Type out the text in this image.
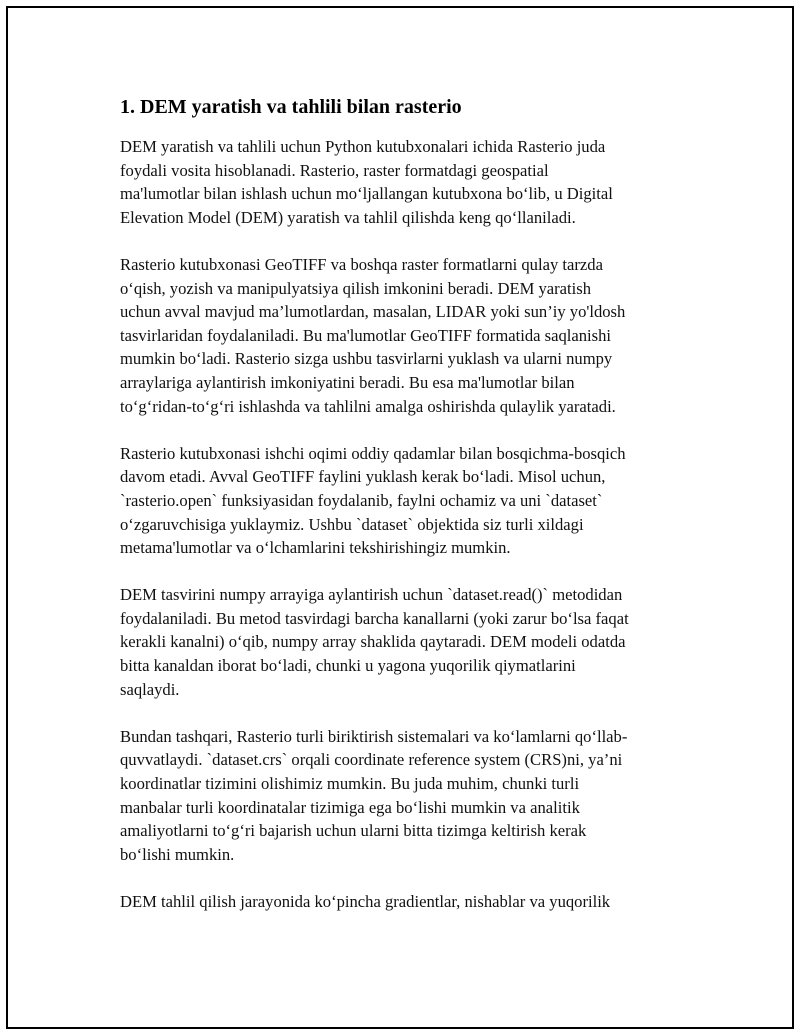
1. DEM yaratish va tahlili bilan rasterio
DEM yaratish va tahlili uchun Python kutubxonalari ichida Rasterio juda
foydali vosita hisoblanadi. Rasterio, raster formatdagi geospatial
ma'lumotlar bilan ishlash uchun mo‘ljallangan kutubxona bo‘lib, u Digital
Elevation Model (DEM) yaratish va tahlil qilishda keng qo‘llaniladi.
Rasterio kutubxonasi GeoTIFF va boshqa raster formatlarni qulay tarzda
o‘qish, yozish va manipulyatsiya qilish imkonini beradi. DEM yaratish
uchun avval mavjud ma’lumotlardan, masalan, LIDAR yoki sun’iy yo'ldosh
tasvirlaridan foydalaniladi. Bu ma'lumotlar GeoTIFF formatida saqlanishi
mumkin bo‘ladi. Rasterio sizga ushbu tasvirlarni yuklash va ularni numpy
arraylariga aylantirish imkoniyatini beradi. Bu esa ma'lumotlar bilan
to‘g‘ridan-to‘g‘ri ishlashda va tahlilni amalga oshirishda qulaylik yaratadi.
Rasterio kutubxonasi ishchi oqimi oddiy qadamlar bilan bosqichma-bosqich
davom etadi. Avval GeoTIFF faylini yuklash kerak bo‘ladi. Misol uchun,
`rasterio.open` funksiyasidan foydalanib, faylni ochamiz va uni `dataset`
o‘zgaruvchisiga yuklaymiz. Ushbu `dataset` objektida siz turli xildagi
metama'lumotlar va o‘lchamlarini tekshirishingiz mumkin.
DEM tasvirini numpy arrayiga aylantirish uchun `dataset.read()` metodidan
foydalaniladi. Bu metod tasvirdagi barcha kanallarni (yoki zarur bo‘lsa faqat
kerakli kanalni) o‘qib, numpy array shaklida qaytaradi. DEM modeli odatda
bitta kanaldan iborat bo‘ladi, chunki u yagona yuqorilik qiymatlarini
saqlaydi.
Bundan tashqari, Rasterio turli biriktirish sistemalari va ko‘lamlarni qo‘llab-
quvvatlaydi. `dataset.crs` orqali coordinate reference system (CRS)ni, ya’ni
koordinatlar tizimini olishimiz mumkin. Bu juda muhim, chunki turli
manbalar turli koordinatalar tizimiga ega bo‘lishi mumkin va analitik
amaliyotlarni to‘g‘ri bajarish uchun ularni bitta tizimga keltirish kerak
bo‘lishi mumkin.
DEM tahlil qilish jarayonida ko‘pincha gradientlar, nishablar va yuqorilik
